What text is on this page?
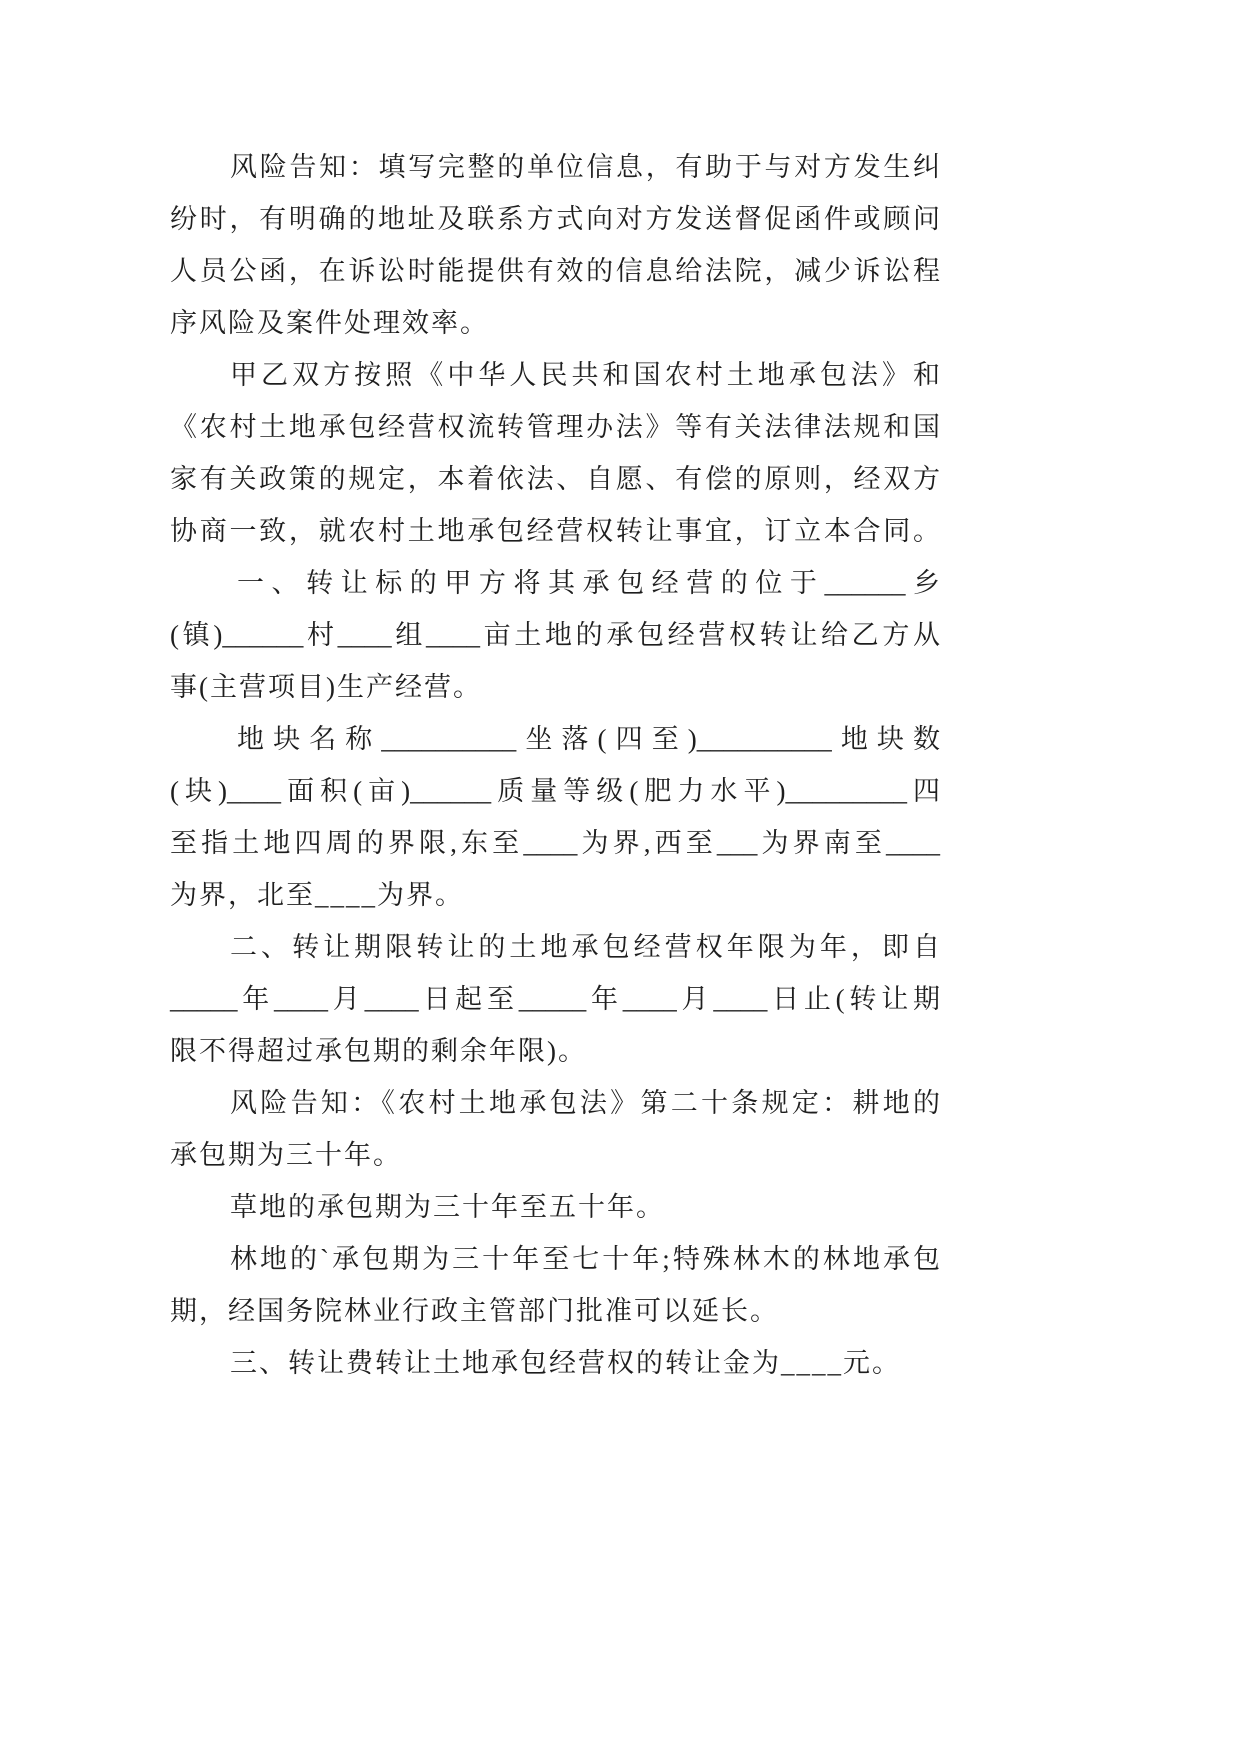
风险告知：填写完整的单位信息，有助于与对方发生纠
纷时，有明确的地址及联系方式向对方发送督促函件或顾问
人员公函，在诉讼时能提供有效的信息给法院，减少诉讼程
序风险及案件处理效率。
甲乙双方按照《中华人民共和国农村土地承包法》和
《农村土地承包经营权流转管理办法》等有关法律法规和国
家有关政策的规定，本着依法、自愿、有偿的原则，经双方
协商一致，就农村土地承包经营权转让事宜，订立本合同。
一、转让标的甲方将其承包经营的位于______乡
(镇)______村____组____亩土地的承包经营权转让给乙方从
事(主营项目)生产经营。
地块名称__________坐落(四至)__________地块数
(块)____面积(亩)______质量等级(肥力水平)_________四
至指土地四周的界限,东至____为界,西至___为界南至____
为界，北至____为界。
二、转让期限转让的土地承包经营权年限为年，即自
_____年____月____日起至_____年____月____日止(转让期
限不得超过承包期的剩余年限)。
风险告知：《农村土地承包法》第二十条规定：耕地的
承包期为三十年。
草地的承包期为三十年至五十年。
林地的`承包期为三十年至七十年;特殊林木的林地承包
期，经国务院林业行政主管部门批准可以延长。
三、转让费转让土地承包经营权的转让金为____元。
